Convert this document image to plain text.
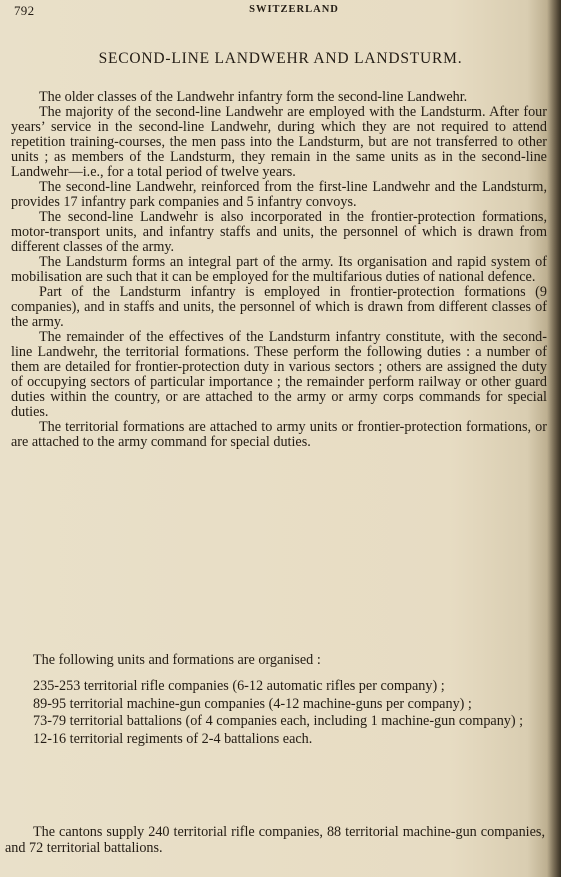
792	SWITZERLAND
SECOND-LINE LANDWEHR AND LANDSTURM.

The older classes of the Landwehr infantry form the second-line Landwehr.

The majority of the second-line Landwehr are employed with the Landsturm. After four years’ service in the second-line Landwehr, during which they are not required to attend repetition training-courses, the men pass into the Landsturm, but are not transferred to other units ; as members of the Landsturm, they remain in the same units as in the second-line Landwehr—i.e., for a total period of twelve years.

The second-line Landwehr, reinforced from the first-line Landwehr and the Landsturm, provides 17 infantry park companies and 5 infantry convoys.

The second-line Landwehr is also incorporated in the frontier-protection formations, motor-transport units, and infantry staffs and units, the personnel of which is drawn from different classes of the army.

The Landsturm forms an integral part of the army. Its organisation and rapid system of mobilisation are such that it can be employed for the multifarious duties of national defence.

Part of the Landsturm infantry is employed in frontier-protection formations (9 companies), and in staffs and units, the personnel of which is drawn from different classes of the army.

The remainder of the effectives of the Landsturm infantry constitute, with the second-line Landwehr, the territorial formations. These perform the following duties : a number of them are detailed for frontier-protection duty in various sectors ; others are assigned the duty of occupying sectors of particular importance ; the remainder perform railway or other guard duties within the country, or are attached to the army or army corps commands for special duties.

The territorial formations are attached to army units or frontier-protection formations, or are attached to the army command for special duties.

The following units and formations are organised :

235-253 territorial rifle companies (6-12 automatic rifles per company) ;
89-95 territorial machine-gun companies (4-12 machine-guns per company) ;
73-79 territorial battalions (of 4 companies each, including 1 machine-gun company) ;
12-16 territorial regiments of 2-4 battalions each.

The cantons supply 240 territorial rifle companies, 88 territorial machine-gun companies, and 72 territorial battalions.
